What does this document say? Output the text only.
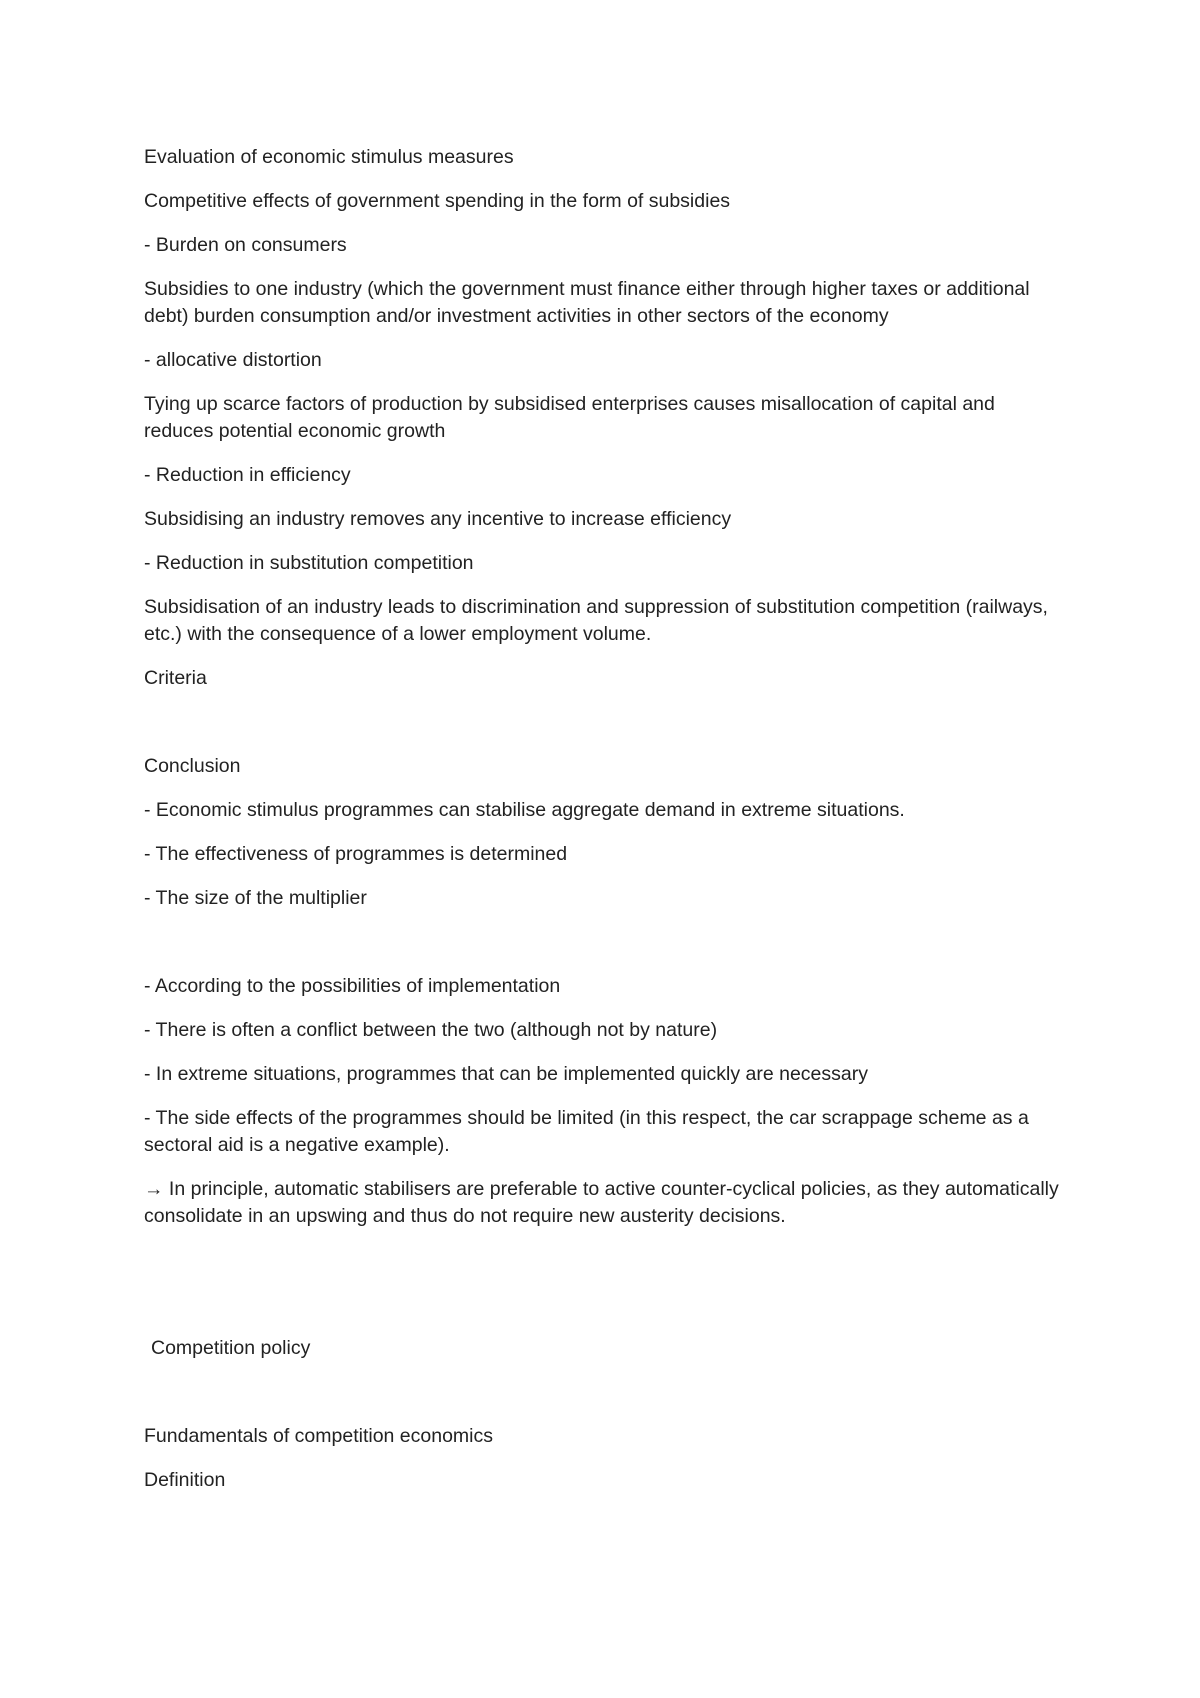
Evaluation of economic stimulus measures

Competitive effects of government spending in the form of subsidies

- Burden on consumers

Subsidies to one industry (which the government must finance either through higher taxes or additional debt) burden consumption and/or investment activities in other sectors of the economy

- allocative distortion

Tying up scarce factors of production by subsidised enterprises causes misallocation of capital and reduces potential economic growth

- Reduction in efficiency

Subsidising an industry removes any incentive to increase efficiency

- Reduction in substitution competition

Subsidisation of an industry leads to discrimination and suppression of substitution competition (railways, etc.) with the consequence of a lower employment volume.

Criteria

Conclusion

- Economic stimulus programmes can stabilise aggregate demand in extreme situations.

- The effectiveness of programmes is determined

- The size of the multiplier

- According to the possibilities of implementation

- There is often a conflict between the two (although not by nature)

- In extreme situations, programmes that can be implemented quickly are necessary

- The side effects of the programmes should be limited (in this respect, the car scrappage scheme as a sectoral aid is a negative example).

→ In principle, automatic stabilisers are preferable to active counter-cyclical policies, as they automatically consolidate in an upswing and thus do not require new austerity decisions.

Competition policy

Fundamentals of competition economics

Definition
